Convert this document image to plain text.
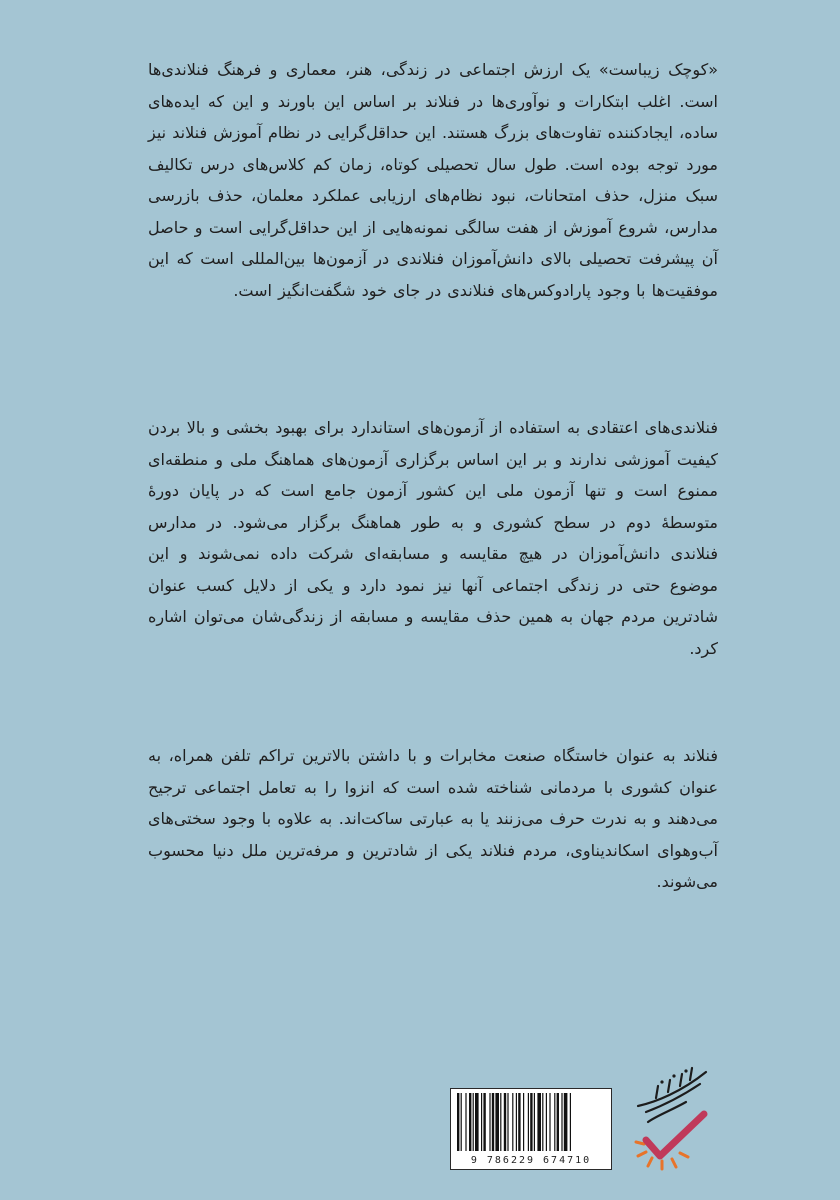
«کوچک زیباست» یک ارزش اجتماعی در زندگی، هنر، معماری و فرهنگ فنلاندی‌ها است. اغلب ابتکارات و نوآوری‌ها در فنلاند بر اساس این باورند و این که ایده‌های ساده، ایجادکننده تفاوت‌های بزرگ هستند. این حداقل‌گرایی در نظام آموزش فنلاند نیز مورد توجه بوده است. طول سال تحصیلی کوتاه، زمان کم کلاس‌های درس تکالیف سبک منزل، حذف امتحانات، نبود نظام‌های ارزیابی عملکرد معلمان، حذف بازرسی مدارس، شروع آموزش از هفت سالگی نمونه‌هایی از این حداقل‌گرایی است و حاصل آن پیشرفت تحصیلی بالای دانش‌آموزان فنلاندی در آزمون‌ها بین‌المللی است که این موفقیت‌ها با وجود پارادوکس‌های فنلاندی در جای خود شگفت‌انگیز است.
فنلاندی‌های اعتقادی به استفاده از آزمون‌های استاندارد برای بهبود بخشی و بالا بردن کیفیت آموزشی ندارند و بر این اساس برگزاری آزمون‌های هماهنگ ملی و منطقه‌ای ممنوع است و تنها آزمون ملی این کشور آزمون جامع است که در پایان دورهٔ متوسطهٔ دوم در سطح کشوری و به طور هماهنگ برگزار می‌شود. در مدارس فنلاندی دانش‌آموزان در هیچ مقایسه و مسابقه‌ای شرکت داده نمی‌شوند و این موضوع حتی در زندگی اجتماعی آنها نیز نمود دارد و یکی از دلایل کسب عنوان شادترین مردم جهان به همین حذف مقایسه و مسابقه از زندگی‌شان می‌توان اشاره کرد.
فنلاند به عنوان خاستگاه صنعت مخابرات و با داشتن بالاترین تراکم تلفن همراه، به عنوان کشوری با مردمانی شناخته شده است که انزوا را به تعامل اجتماعی ترجیح می‌دهند و به ندرت حرف می‌زنند یا به عبارتی ساکت‌اند. به علاوه با وجود سختی‌های آب‌وهوای اسکاندیناوی، مردم فنلاند یکی از شادترین و مرفه‌ترین ملل دنیا محسوب می‌شوند.
9 786229 674710
